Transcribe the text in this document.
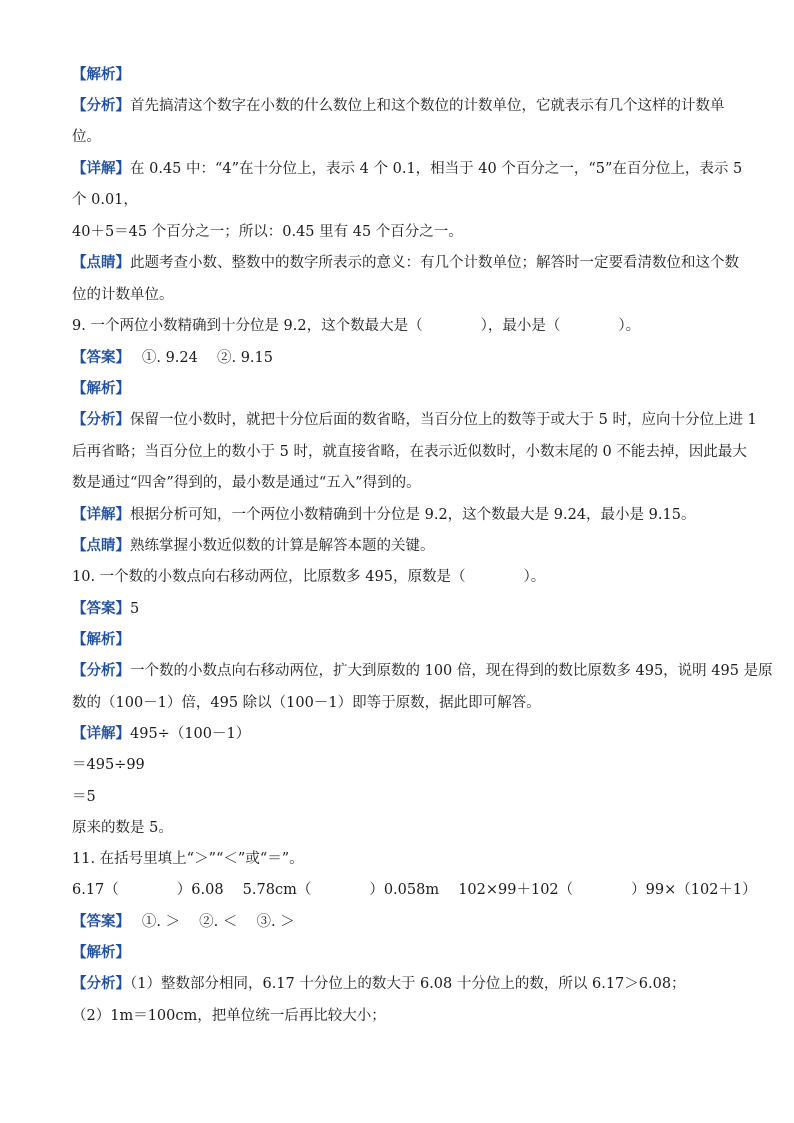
【解析】
【分析】首先搞清这个数字在小数的什么数位上和这个数位的计数单位，它就表示有几个这样的计数单
位。
【详解】在 0.45 中：“4”在十分位上，表示 4 个 0.1，相当于 40 个百分之一，“5”在百分位上，表示 5
个 0.01，
40＋5＝45 个百分之一；所以：0.45 里有 45 个百分之一。
【点睛】此题考查小数、整数中的数字所表示的意义：有几个计数单位；解答时一定要看清数位和这个数
位的计数单位。
9. 一个两位小数精确到十分位是 9.2，这个数最大是（　　　　），最小是（　　　　）。
【答案】　 ①. 9.24　 ②. 9.15
【解析】
【分析】保留一位小数时，就把十分位后面的数省略，当百分位上的数等于或大于 5 时，应向十分位上进 1
后再省略；当百分位上的数小于 5 时，就直接省略，在表示近似数时，小数末尾的 0 不能去掉，因此最大
数是通过“四舍”得到的，最小数是通过“五入”得到的。
【详解】根据分析可知，一个两位小数精确到十分位是 9.2，这个数最大是 9.24，最小是 9.15。
【点睛】熟练掌握小数近似数的计算是解答本题的关键。
10. 一个数的小数点向右移动两位，比原数多 495，原数是（　　　　）。
【答案】5
【解析】
【分析】一个数的小数点向右移动两位，扩大到原数的 100 倍，现在得到的数比原数多 495，说明 495 是原
数的（100－1）倍，495 除以（100－1）即等于原数，据此即可解答。
【详解】495÷（100－1）
＝495÷99
＝5
原来的数是 5。
11. 在括号里填上“＞”“＜”或“＝”。
6.17（　　　　）6.08　 5.78cm（　　　　）0.058m　 102×99＋102（　　　　）99×（102＋1）
【答案】　 ①. ＞　 ②. ＜　 ③. ＞
【解析】
【分析】（1）整数部分相同，6.17 十分位上的数大于 6.08 十分位上的数，所以 6.17＞6.08；
（2）1m＝100cm，把单位统一后再比较大小；
